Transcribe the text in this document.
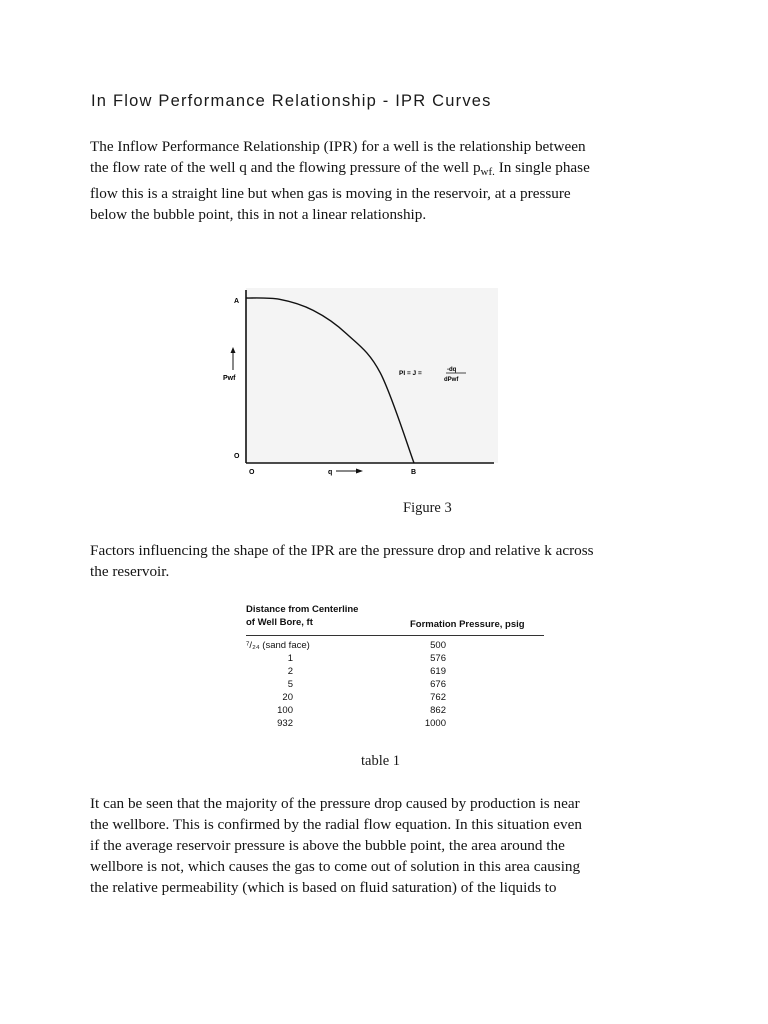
In Flow Performance Relationship - IPR Curves
The Inflow Performance Relationship (IPR) for a well is the relationship between
the flow rate of the well q and the flowing pressure of the well $p_{wf.}$ In single phase
flow this is a straight line but when gas is moving in the reservoir, at a pressure
below the bubble point, this in not a linear relationship.
A
O
O	B
Pwf
q
PI = J =	-dq
dPwf
Figure 3
Factors influencing the shape of the IPR are the pressure drop and relative k across
the reservoir.
Distance from Centerline
of Well Bore, ft	Formation Pressure, psig
⁷/₂₄ (sand face)	500
1	576
2	619
5	676
20	762
100	862
932	1000
table 1
It can be seen that the majority of the pressure drop caused by production is near
the wellbore. This is confirmed by the radial flow equation. In this situation even
if the average reservoir pressure is above the bubble point, the area around the
wellbore is not, which causes the gas to come out of solution in this area causing
the relative permeability (which is based on fluid saturation) of the liquids to
